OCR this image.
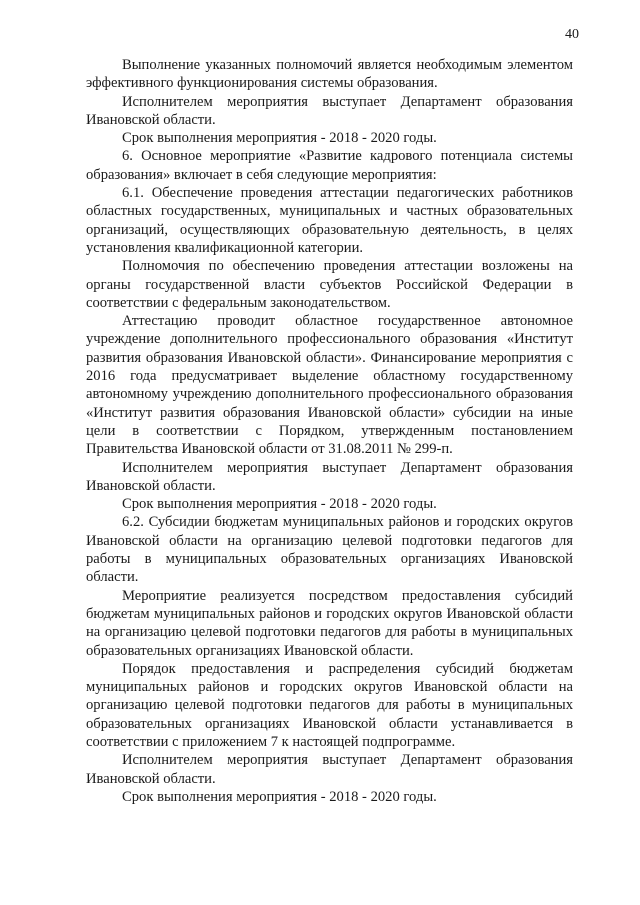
40

Выполнение указанных полномочий является необходимым элементом эффективного функционирования системы образования.

Исполнителем мероприятия выступает Департамент образования Ивановской области.

Срок выполнения мероприятия - 2018 - 2020 годы.

6. Основное мероприятие «Развитие кадрового потенциала системы образования» включает в себя следующие мероприятия:

6.1. Обеспечение проведения аттестации педагогических работников областных государственных, муниципальных и частных образовательных организаций, осуществляющих образовательную деятельность, в целях установления квалификационной категории.

Полномочия по обеспечению проведения аттестации возложены на органы государственной власти субъектов Российской Федерации в соответствии с федеральным законодательством.

Аттестацию проводит областное государственное автономное учреждение дополнительного профессионального образования «Институт развития образования Ивановской области». Финансирование мероприятия с 2016 года предусматривает выделение областному государственному автономному учреждению дополнительного профессионального образования «Институт развития образования Ивановской области» субсидии на иные цели в соответствии с Порядком, утвержденным постановлением Правительства Ивановской области от 31.08.2011 № 299-п.

Исполнителем мероприятия выступает Департамент образования Ивановской области.

Срок выполнения мероприятия - 2018 - 2020 годы.

6.2. Субсидии бюджетам муниципальных районов и городских округов Ивановской области на организацию целевой подготовки педагогов для работы в муниципальных образовательных организациях Ивановской области.

Мероприятие реализуется посредством предоставления субсидий бюджетам муниципальных районов и городских округов Ивановской области на организацию целевой подготовки педагогов для работы в муниципальных образовательных организациях Ивановской области.

Порядок предоставления и распределения субсидий бюджетам муниципальных районов и городских округов Ивановской области на организацию целевой подготовки педагогов для работы в муниципальных образовательных организациях Ивановской области устанавливается в соответствии с приложением 7 к настоящей подпрограмме.

Исполнителем мероприятия выступает Департамент образования Ивановской области.

Срок выполнения мероприятия - 2018 - 2020 годы.
